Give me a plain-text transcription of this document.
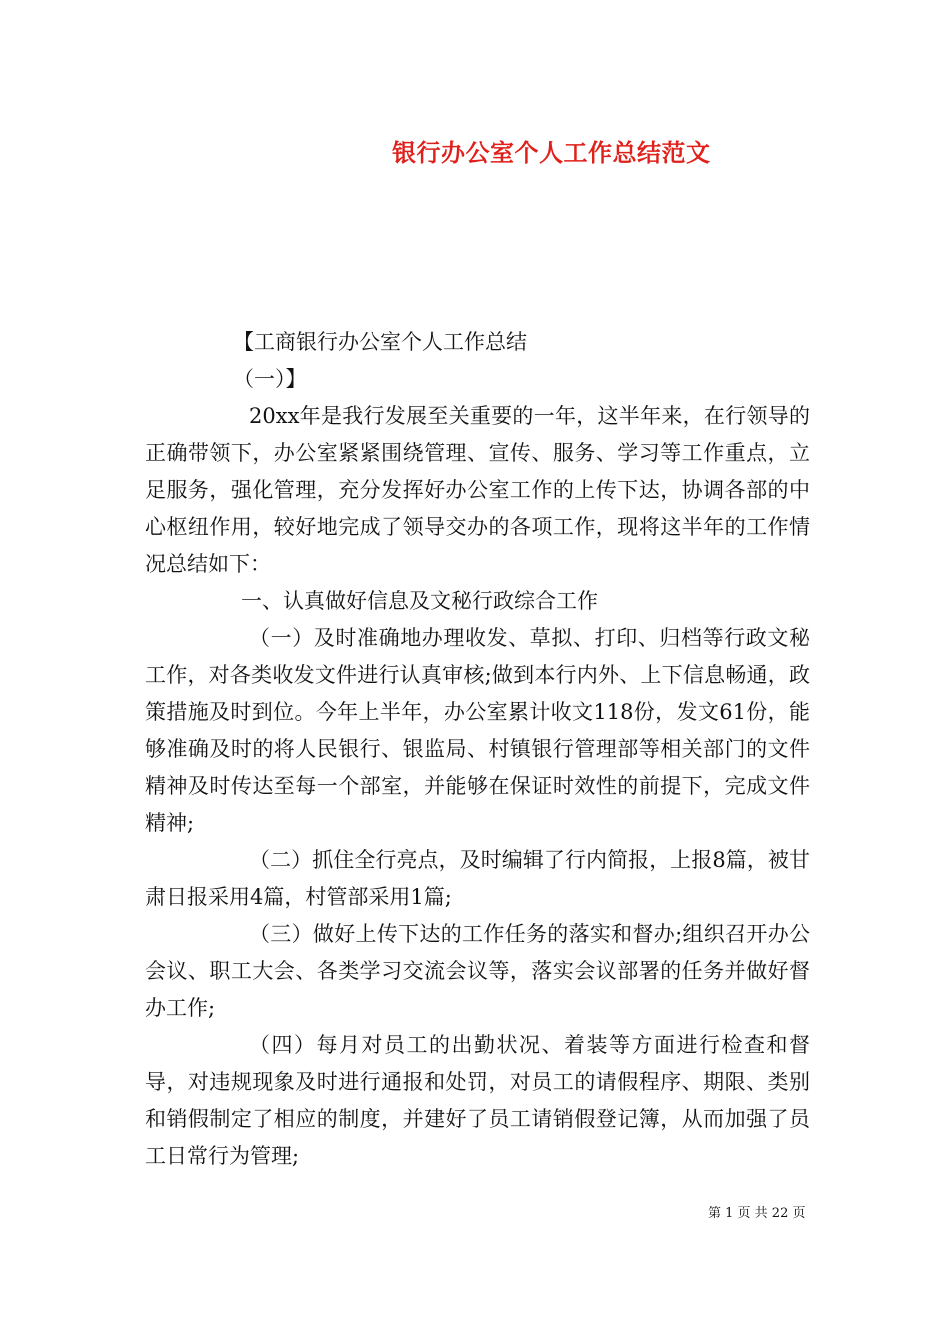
银行办公室个人工作总结范文

【工商银行办公室个人工作总结

（一）】

20xx年是我行发展至关重要的一年，这半年来，在行领导的正确带领下，办公室紧紧围绕管理、宣传、服务、学习等工作重点，立足服务，强化管理，充分发挥好办公室工作的上传下达，协调各部的中心枢纽作用，较好地完成了领导交办的各项工作，现将这半年的工作情况总结如下：

一、认真做好信息及文秘行政综合工作

（一）及时准确地办理收发、草拟、打印、归档等行政文秘工作，对各类收发文件进行认真审核;做到本行内外、上下信息畅通，政策措施及时到位。今年上半年，办公室累计收文118份，发文61份，能够准确及时的将人民银行、银监局、村镇银行管理部等相关部门的文件精神及时传达至每一个部室，并能够在保证时效性的前提下，完成文件精神;

（二）抓住全行亮点，及时编辑了行内简报，上报8篇，被甘肃日报采用4篇，村管部采用1篇;

（三）做好上传下达的工作任务的落实和督办;组织召开办公会议、职工大会、各类学习交流会议等，落实会议部署的任务并做好督办工作;

（四）每月对员工的出勤状况、着装等方面进行检查和督导，对违规现象及时进行通报和处罚，对员工的请假程序、期限、类别和销假制定了相应的制度，并建好了员工请销假登记簿，从而加强了员工日常行为管理;

第 1 页 共 22 页
